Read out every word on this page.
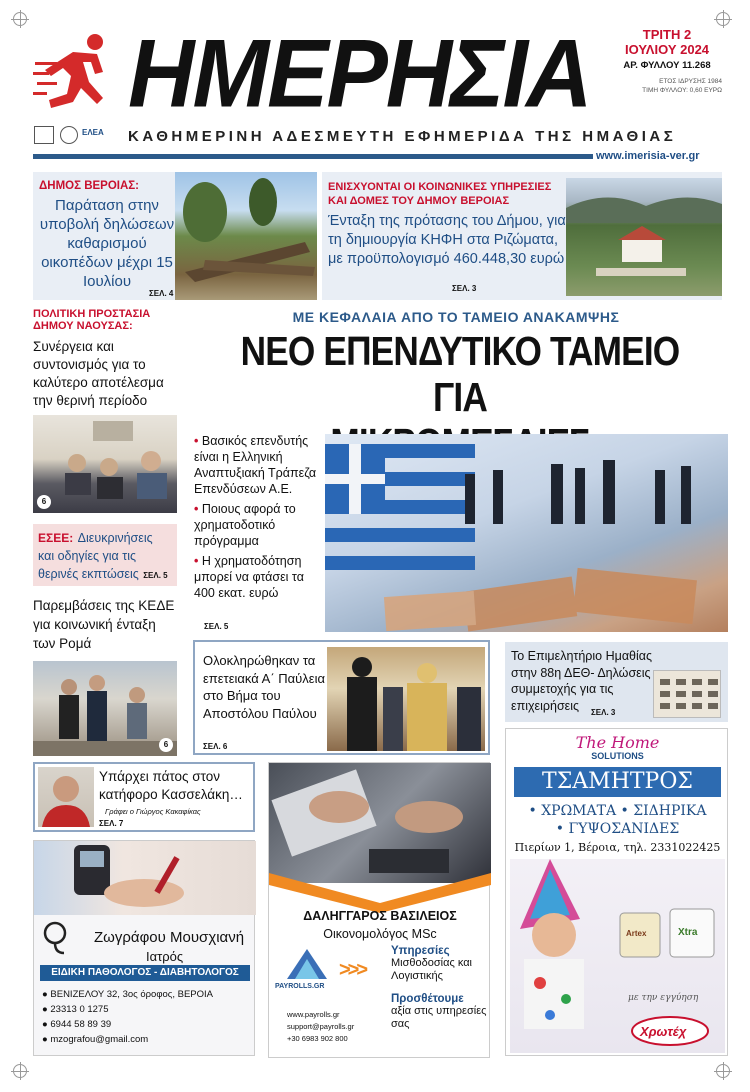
ΗΜΕΡΗΣΙΑ	ΤΡΙΤΗ 2
ΙΟΥΛΙΟΥ 2024
ΑΡ. ΦΥΛΛΟΥ 11.268
ΕΤΟΣ ΙΔΡΥΣΗΣ 1984
ΤΙΜΗ ΦΥΛΛΟΥ: 0,60 ΕΥΡΩ
ΕΛΕΑ ΚΑΘΗΜΕΡΙΝΗ ΑΔΕΣΜΕΥΤΗ ΕΦΗΜΕΡΙΔΑ ΤΗΣ ΗΜΑΘΙΑΣ
www.imerisia-ver.gr
ΔΗΜΟΣ ΒΕΡΟΙΑΣ:
Παράταση στην υποβολή δηλώσεων καθαρισμού οικοπέδων μέχρι 15 Ιουλίου
ΣΕΛ. 4
ΕΝΙΣΧΥΟΝΤΑΙ ΟΙ ΚΟΙΝΩΝΙΚΕΣ ΥΠΗΡΕΣΙΕΣ ΚΑΙ ΔΟΜΕΣ ΤΟΥ ΔΗΜΟΥ ΒΕΡΟΙΑΣ
Ένταξη της πρότασης του Δήμου, για τη δημιουργία ΚΗΦΗ στα Ριζώματα, με προϋπολογισμό 460.448,30 ευρώ
ΣΕΛ. 3
ΠΟΛΙΤΙΚΗ ΠΡΟΣΤΑΣΙΑ ΔΗΜΟΥ ΝΑΟΥΣΑΣ:
Συνέργεια και συντονισμός για το καλύτερο αποτέλεσμα την θερινή περίοδο
6
ΕΣΕΕ: Διευκρινήσεις και οδηγίες για τις θερινές εκπτώσεις ΣΕΛ. 5
Παρεμβάσεις της ΚΕΔΕ για κοινωνική ένταξη των Ρομά
6
ΜΕ ΚΕΦΑΛΑΙΑ ΑΠΟ ΤΟ ΤΑΜΕΙΟ ΑΝΑΚΑΜΨΗΣ
ΝΕΟ ΕΠΕΝΔΥΤΙΚΟ ΤΑΜΕΙΟ ΓΙΑ
• Βασικός επενδυτής είναι η Ελληνική Αναπτυξιακή Τράπεζα Επενδύσεων Α.Ε.
• Ποιους αφορά το χρηματοδοτικό πρόγραμμα
• Η χρηματοδότηση μπορεί να φτάσει τα 400 εκατ. ευρώ
ΣΕΛ. 5
Ολοκληρώθηκαν τα επετειακά Α΄ Παύλεια στο Βήμα του Αποστόλου Παύλου
ΣΕΛ. 6
Το Επιμελητήριο Ημαθίας στην 88η ΔΕΘ- Δηλώσεις συμμετοχής για τις επιχειρήσεις	ΣΕΛ. 3
Υπάρχει πάτος στον κατήφορο Κασσελάκη…
Γράφει ο Γιώργος Κακαφίκας
ΣΕΛ. 7
Ζωγράφου Μουσχιανή
Ιατρός
ΕΙΔΙΚΗ ΠΑΘΟΛΟΓΟΣ - ΔΙΑΒΗΤΟΛΟΓΟΣ
● ΒΕΝΙΖΕΛΟΥ 32, 3ος όροφος, ΒΕΡΟΙΑ
● 23313 0 1275
● 6944 58 89 39
● mzografou@gmail.com
ΔΑΛΗΓΓΑΡΟΣ ΒΑΣΙΛΕΙΟΣ
Οικονομολόγος MSc
PAYROLLS.GR
>>>
Υπηρεσίες
Μισθοδοσίας και Λογιστικής
Προσθέτουμε
αξία στις υπηρεσίες σας
www.payrolls.gr
support@payrolls.gr
+30 6983 902 800
The Home
SOLUTIONS
ΤΣΑΜΗΤΡΟΣ
• ΧΡΩΜΑΤΑ • ΣΙΔΗΡΙΚΑ
• ΓΥΨΟΣΑΝΙΔΕΣ
Πιερίων 1, Βέροια, τηλ. 2331022425
Artex	Xtra
με την εγγύηση
Χρωτέχ
